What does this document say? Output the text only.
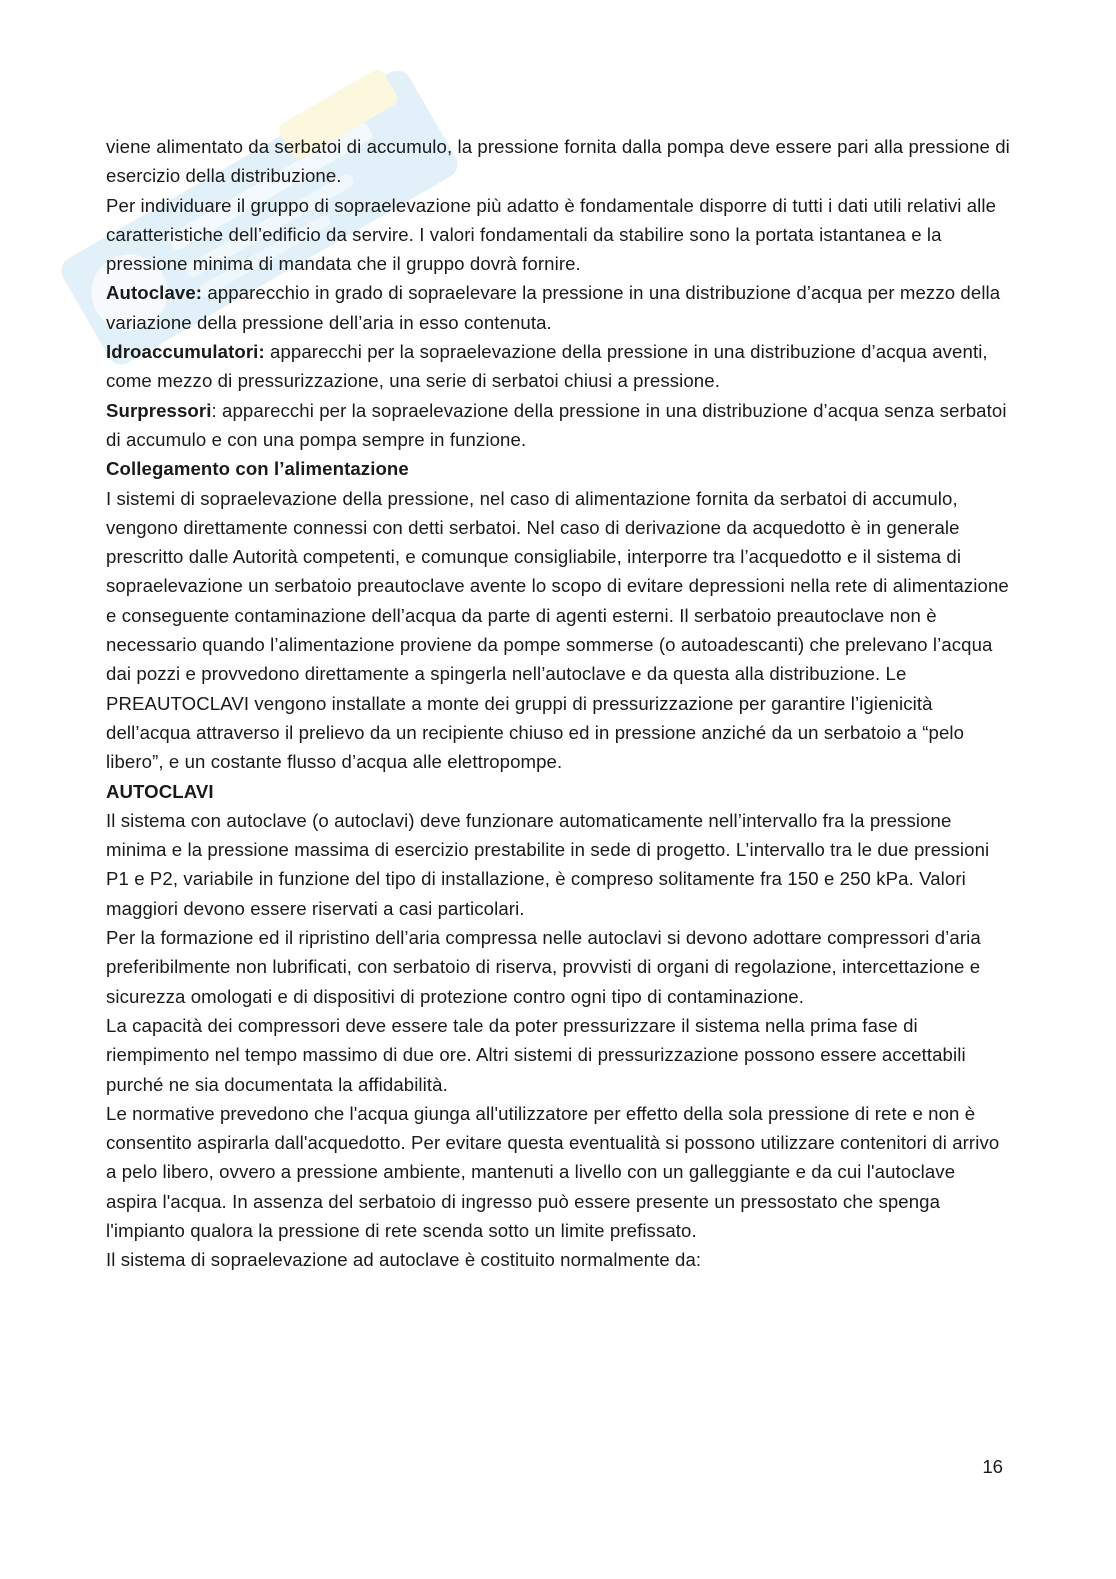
viene alimentato da serbatoi di accumulo, la pressione fornita dalla pompa deve essere pari alla pressione di esercizio della distribuzione.

Per individuare il gruppo di sopraelevazione più adatto è fondamentale disporre di tutti i dati utili relativi alle caratteristiche dell’edificio da servire. I valori fondamentali da stabilire sono la portata istantanea e la pressione minima di mandata che il gruppo dovrà fornire.

Autoclave: apparecchio in grado di sopraelevare la pressione in una distribuzione d’acqua per mezzo della variazione della pressione dell’aria in esso contenuta.

Idroaccumulatori: apparecchi per la sopraelevazione della pressione in una distribuzione d’acqua aventi, come mezzo di pressurizzazione, una serie di serbatoi chiusi a pressione.

Surpressori: apparecchi per la sopraelevazione della pressione in una distribuzione d’acqua senza serbatoi di accumulo e con una pompa sempre in funzione.

Collegamento con l’alimentazione

I sistemi di sopraelevazione della pressione, nel caso di alimentazione fornita da serbatoi di accumulo, vengono direttamente connessi con detti serbatoi. Nel caso di derivazione da acquedotto è in generale prescritto dalle Autorità competenti, e comunque consigliabile, interporre tra l’acquedotto e il sistema di sopraelevazione un serbatoio preautoclave avente lo scopo di evitare depressioni nella rete di alimentazione e conseguente contaminazione dell’acqua da parte di agenti esterni. Il serbatoio preautoclave non è necessario quando l’alimentazione proviene da pompe sommerse (o autoadescanti) che prelevano l’acqua dai pozzi e provvedono direttamente a spingerla nell’autoclave e da questa alla distribuzione. Le PREAUTOCLAVI vengono installate a monte dei gruppi di pressurizzazione per garantire l’igienicità dell’acqua attraverso il prelievo da un recipiente chiuso ed in pressione anziché da un serbatoio a “pelo libero”, e un costante flusso d’acqua alle elettropompe.

AUTOCLAVI

Il sistema con autoclave (o autoclavi) deve funzionare automaticamente nell’intervallo fra la pressione minima e la pressione massima di esercizio prestabilite in sede di progetto. L’intervallo tra le due pressioni P1 e P2, variabile in funzione del tipo di installazione, è compreso solitamente fra 150 e 250 kPa. Valori maggiori devono essere riservati a casi particolari.

Per la formazione ed il ripristino dell’aria compressa nelle autoclavi si devono adottare compressori d’aria preferibilmente non lubrificati, con serbatoio di riserva, provvisti di organi di regolazione, intercettazione e sicurezza omologati e di dispositivi di protezione contro ogni tipo di contaminazione.

La capacità dei compressori deve essere tale da poter pressurizzare il sistema nella prima fase di riempimento nel tempo massimo di due ore. Altri sistemi di pressurizzazione possono essere accettabili purché ne sia documentata la affidabilità.

Le normative prevedono che l'acqua giunga all'utilizzatore per effetto della sola pressione di rete e non è consentito aspirarla dall'acquedotto. Per evitare questa eventualità si possono utilizzare contenitori di arrivo a pelo libero, ovvero a pressione ambiente, mantenuti a livello con un galleggiante e da cui l'autoclave aspira l'acqua. In assenza del serbatoio di ingresso può essere presente un pressostato che spenga l'impianto qualora la pressione di rete scenda sotto un limite prefissato.

Il sistema di sopraelevazione ad autoclave è costituito normalmente da:

16
